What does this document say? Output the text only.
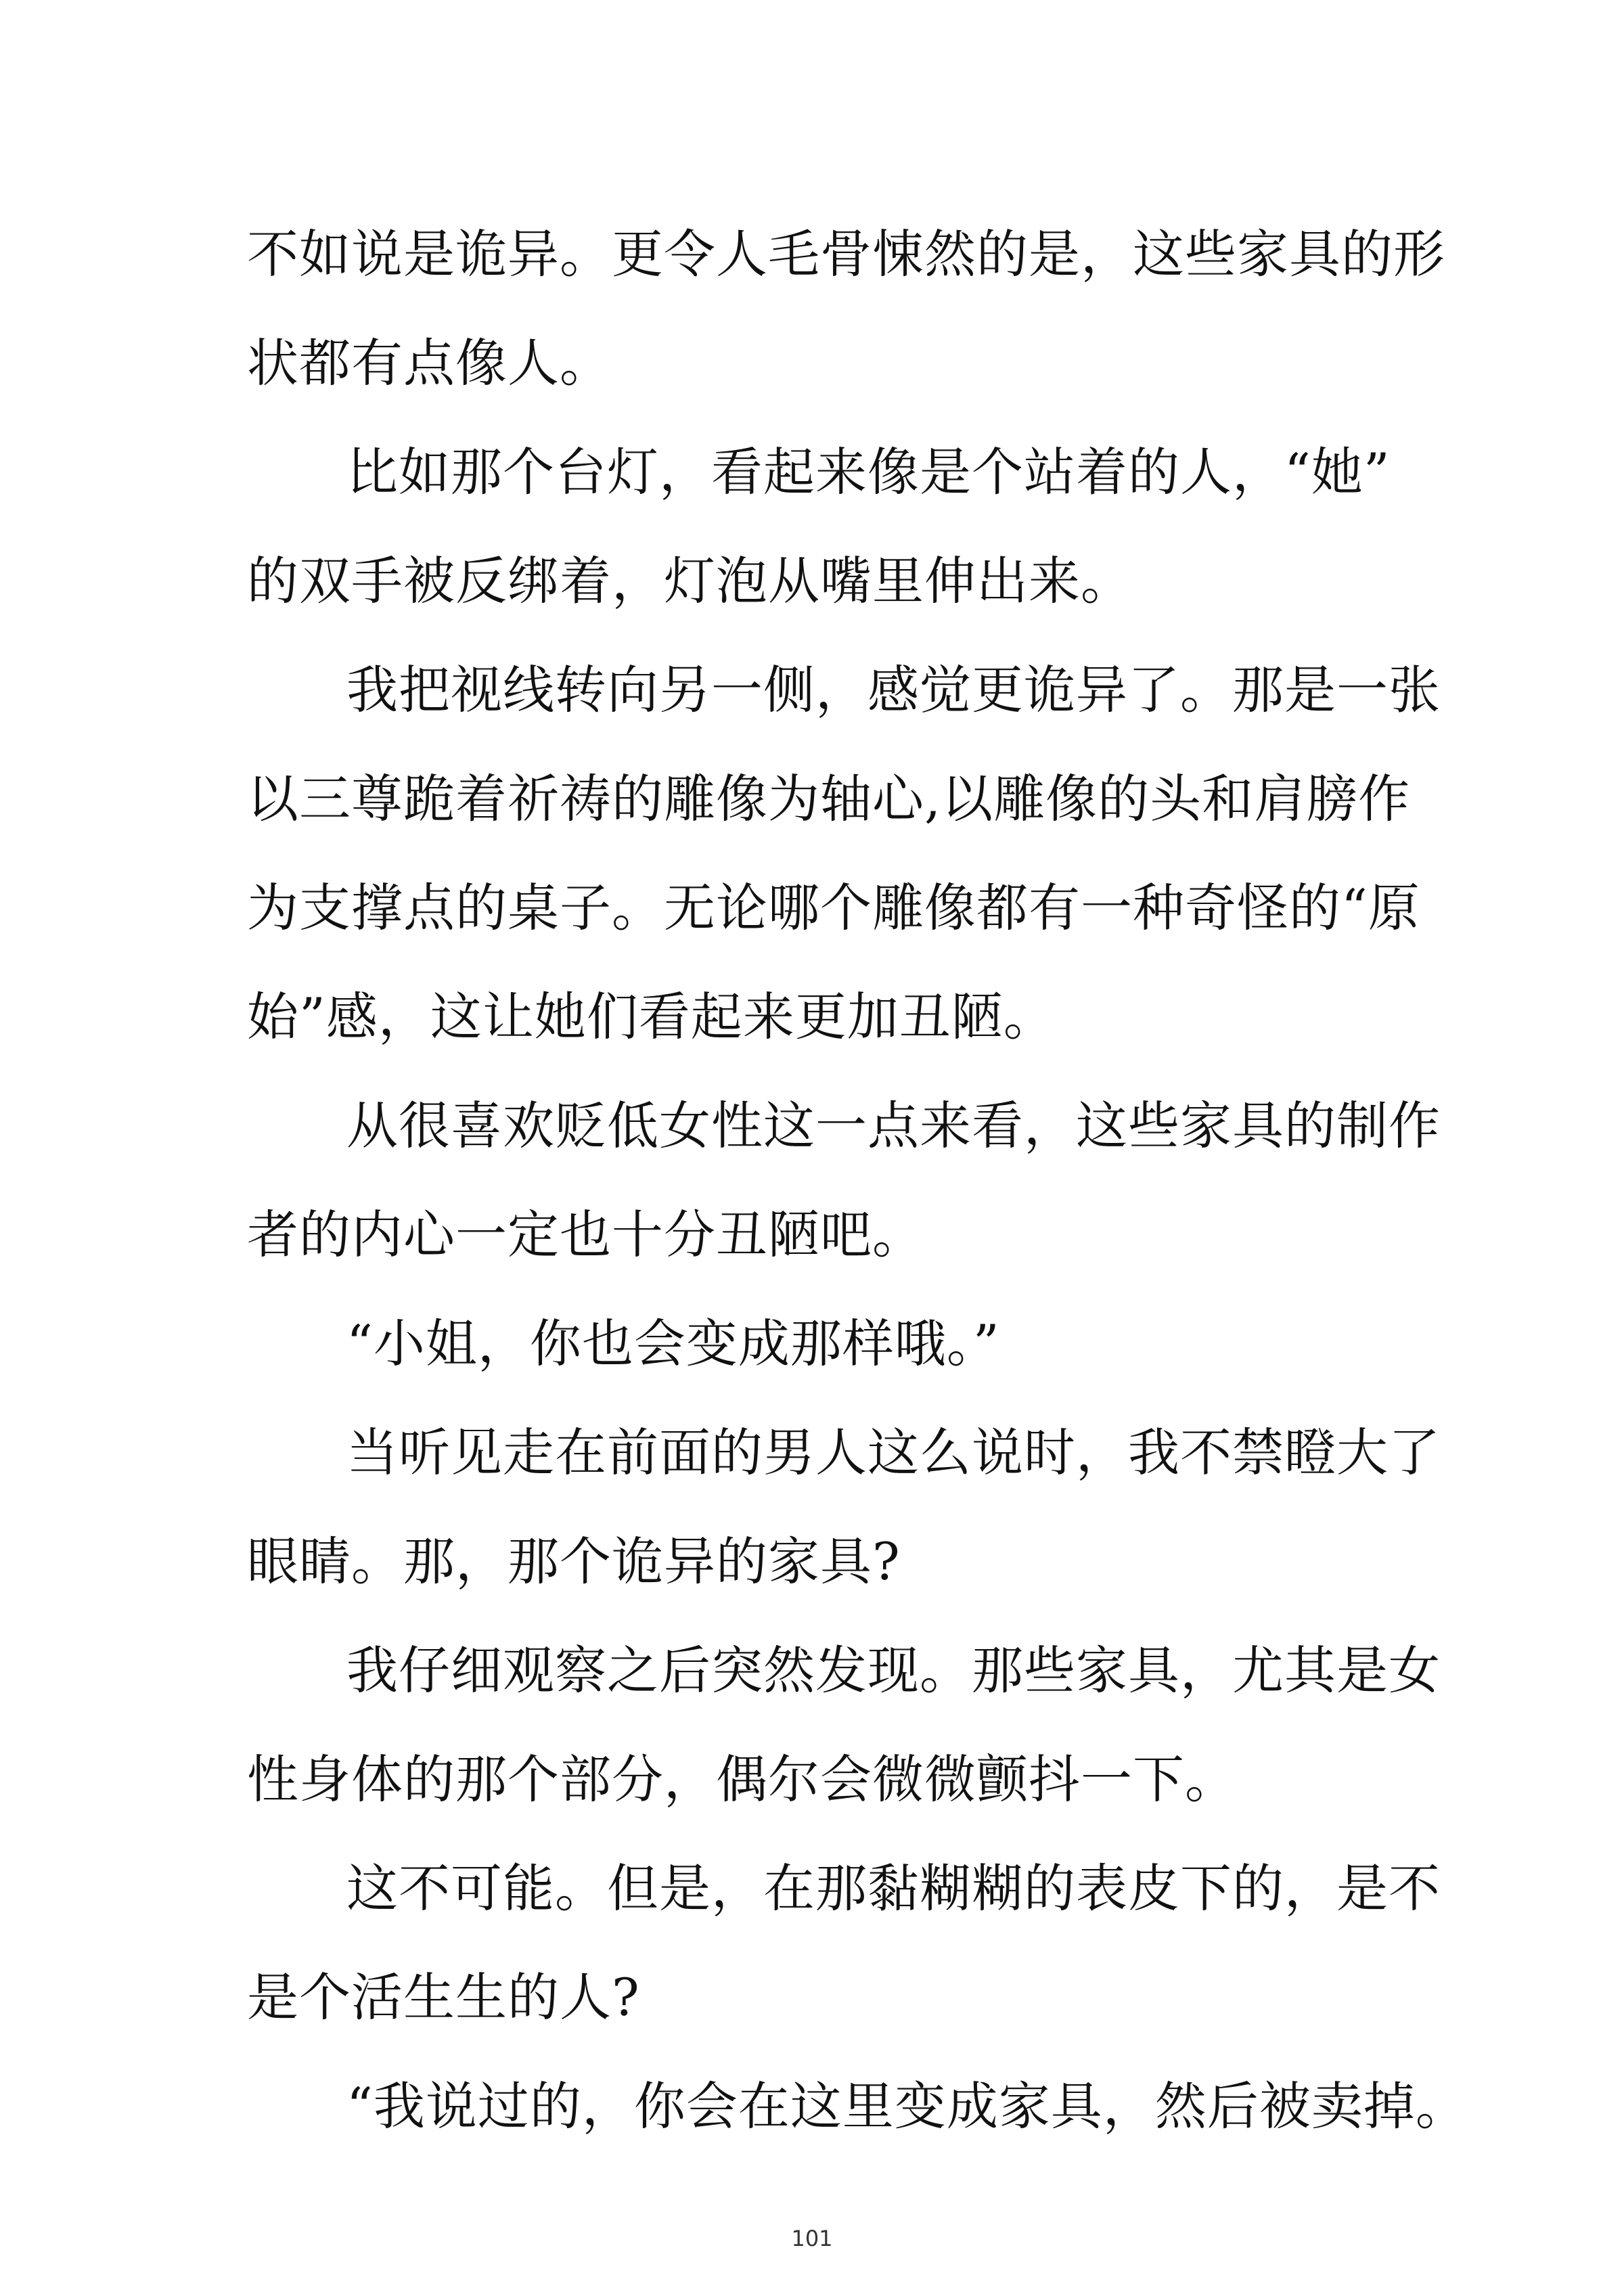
不如说是诡异。更令人毛骨悚然的是，这些家具的形
状都有点像人。
比如那个台灯，看起来像是个站着的人，“她”
的双手被反绑着，灯泡从嘴里伸出来。
我把视线转向另一侧，感觉更诡异了。那是一张
以三尊跪着祈祷的雕像为轴心,以雕像的头和肩膀作
为支撑点的桌子。无论哪个雕像都有一种奇怪的“原
始”感，这让她们看起来更加丑陋。
从很喜欢贬低女性这一点来看，这些家具的制作
者的内心一定也十分丑陋吧。
“小姐，你也会变成那样哦。”
当听见走在前面的男人这么说时，我不禁瞪大了
眼睛。那，那个诡异的家具?
我仔细观察之后突然发现。那些家具，尤其是女
性身体的那个部分，偶尔会微微颤抖一下。
这不可能。但是，在那黏糊糊的表皮下的，是不
是个活生生的人?
“我说过的，你会在这里变成家具，然后被卖掉。
101
